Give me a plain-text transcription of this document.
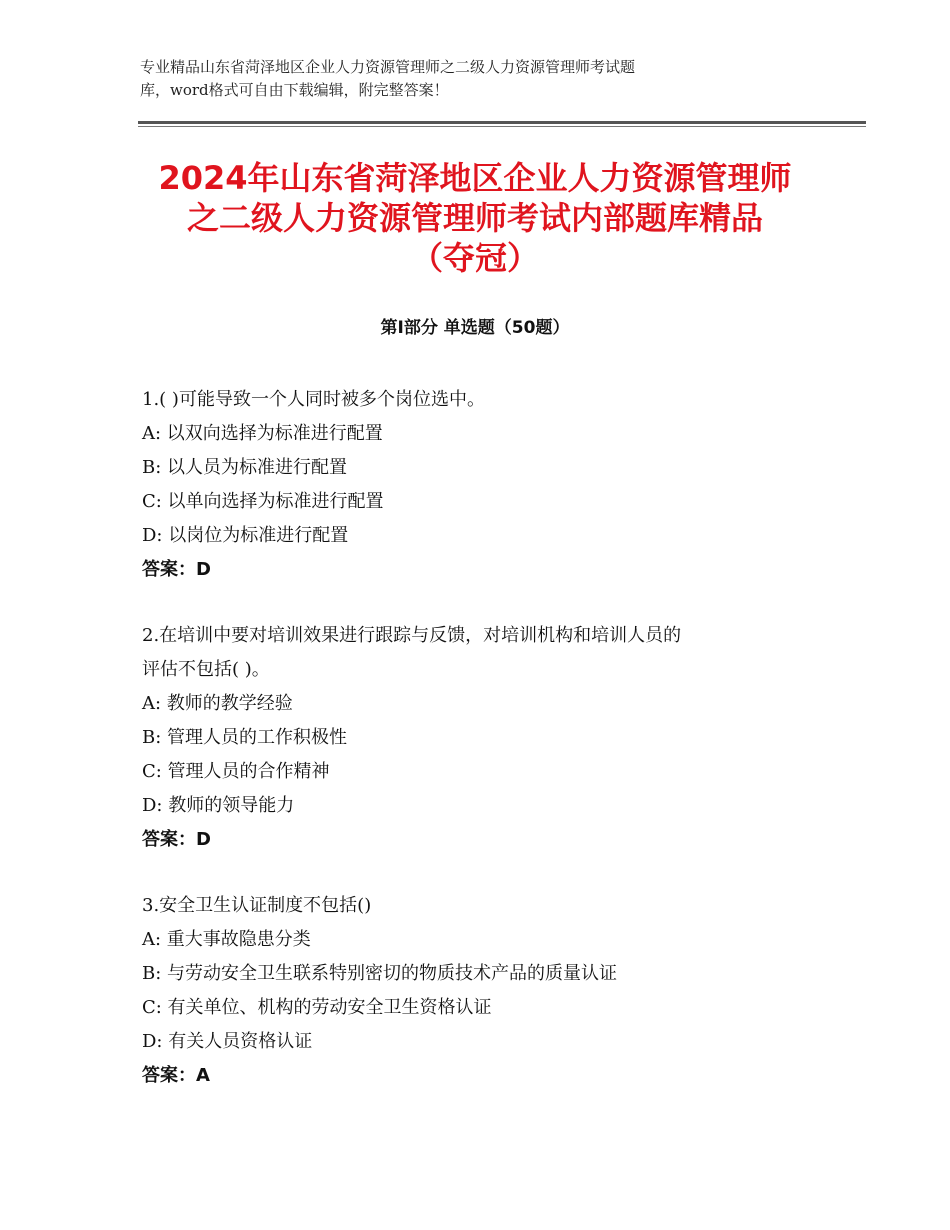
专业精品山东省菏泽地区企业人力资源管理师之二级人力资源管理师考试题
库，word格式可自由下载编辑，附完整答案！
2024年山东省菏泽地区企业人力资源管理师
之二级人力资源管理师考试内部题库精品
（夺冠）
第Ⅰ部分 单选题（50题）
1.( )可能导致一个人同时被多个岗位选中。
A: 以双向选择为标准进行配置
B: 以人员为标准进行配置
C: 以单向选择为标准进行配置
D: 以岗位为标准进行配置
答案：D
2.在培训中要对培训效果进行跟踪与反馈，对培训机构和培训人员的
评估不包括( )。
A: 教师的教学经验
B: 管理人员的工作积极性
C: 管理人员的合作精神
D: 教师的领导能力
答案：D
3.安全卫生认证制度不包括()
A: 重大事故隐患分类
B: 与劳动安全卫生联系特别密切的物质技术产品的质量认证
C: 有关单位、机构的劳动安全卫生资格认证
D: 有关人员资格认证
答案：A
